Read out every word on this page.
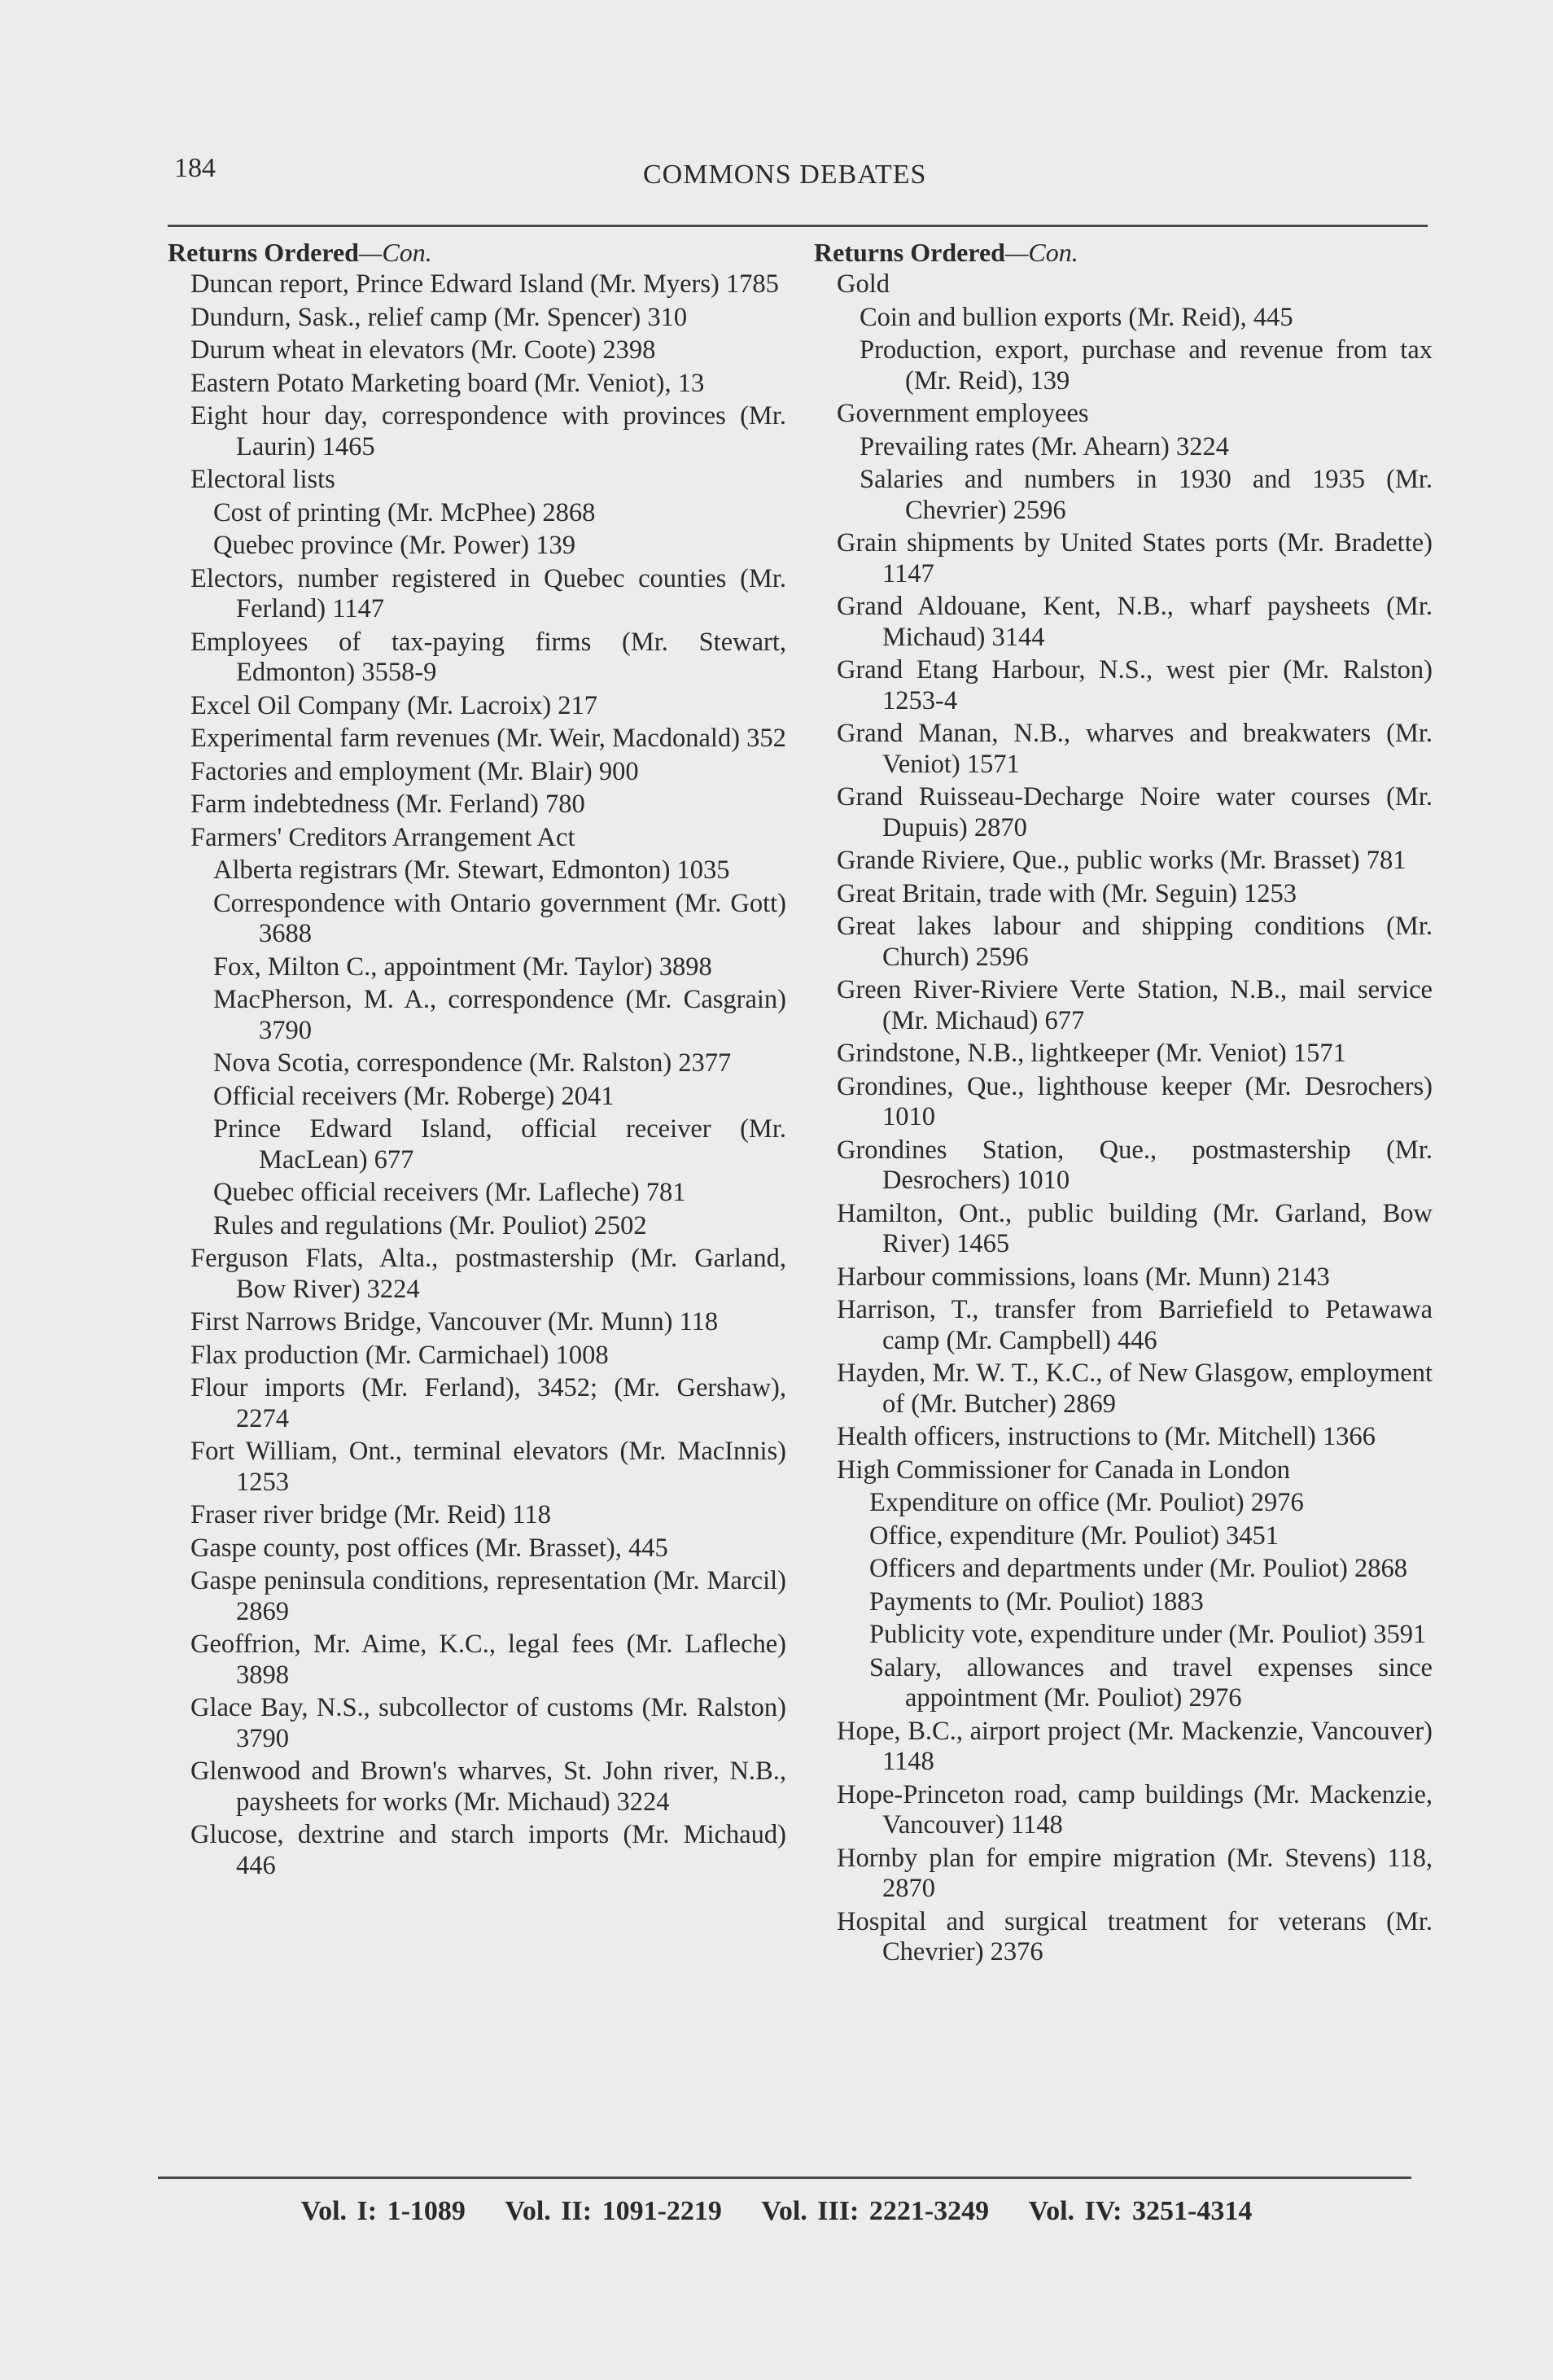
184	COMMONS DEBATES
Returns Ordered—Con.
Duncan report, Prince Edward Island (Mr. Myers) 1785
Dundurn, Sask., relief camp (Mr. Spencer) 310
Durum wheat in elevators (Mr. Coote) 2398
Eastern Potato Marketing board (Mr. Veniot), 13
Eight hour day, correspondence with provinces (Mr. Laurin) 1465
Electoral lists
Cost of printing (Mr. McPhee) 2868
Quebec province (Mr. Power) 139
Electors, number registered in Quebec counties (Mr. Ferland) 1147
Employees of tax-paying firms (Mr. Stewart, Edmonton) 3558-9
Excel Oil Company (Mr. Lacroix) 217
Experimental farm revenues (Mr. Weir, Macdonald) 352
Factories and employment (Mr. Blair) 900
Farm indebtedness (Mr. Ferland) 780
Farmers' Creditors Arrangement Act
Alberta registrars (Mr. Stewart, Edmonton) 1035
Correspondence with Ontario government (Mr. Gott) 3688
Fox, Milton C., appointment (Mr. Taylor) 3898
MacPherson, M. A., correspondence (Mr. Casgrain) 3790
Nova Scotia, correspondence (Mr. Ralston) 2377
Official receivers (Mr. Roberge) 2041
Prince Edward Island, official receiver (Mr. MacLean) 677
Quebec official receivers (Mr. Lafleche) 781
Rules and regulations (Mr. Pouliot) 2502
Ferguson Flats, Alta., postmastership (Mr. Garland, Bow River) 3224
First Narrows Bridge, Vancouver (Mr. Munn) 118
Flax production (Mr. Carmichael) 1008
Flour imports (Mr. Ferland), 3452; (Mr. Gershaw), 2274
Fort William, Ont., terminal elevators (Mr. MacInnis) 1253
Fraser river bridge (Mr. Reid) 118
Gaspe county, post offices (Mr. Brasset), 445
Gaspe peninsula conditions, representation (Mr. Marcil) 2869
Geoffrion, Mr. Aime, K.C., legal fees (Mr. Lafleche) 3898
Glace Bay, N.S., subcollector of customs (Mr. Ralston) 3790
Glenwood and Brown's wharves, St. John river, N.B., paysheets for works (Mr. Michaud) 3224
Glucose, dextrine and starch imports (Mr. Michaud) 446
Returns Ordered—Con.
Gold
Coin and bullion exports (Mr. Reid), 445
Production, export, purchase and revenue from tax (Mr. Reid), 139
Government employees
Prevailing rates (Mr. Ahearn) 3224
Salaries and numbers in 1930 and 1935 (Mr. Chevrier) 2596
Grain shipments by United States ports (Mr. Bradette) 1147
Grand Aldouane, Kent, N.B., wharf paysheets (Mr. Michaud) 3144
Grand Etang Harbour, N.S., west pier (Mr. Ralston) 1253-4
Grand Manan, N.B., wharves and breakwaters (Mr. Veniot) 1571
Grand Ruisseau-Decharge Noire water courses (Mr. Dupuis) 2870
Grande Riviere, Que., public works (Mr. Brasset) 781
Great Britain, trade with (Mr. Seguin) 1253
Great lakes labour and shipping conditions (Mr. Church) 2596
Green River-Riviere Verte Station, N.B., mail service (Mr. Michaud) 677
Grindstone, N.B., lightkeeper (Mr. Veniot) 1571
Grondines, Que., lighthouse keeper (Mr. Desrochers) 1010
Grondines Station, Que., postmastership (Mr. Desrochers) 1010
Hamilton, Ont., public building (Mr. Garland, Bow River) 1465
Harbour commissions, loans (Mr. Munn) 2143
Harrison, T., transfer from Barriefield to Petawawa camp (Mr. Campbell) 446
Hayden, Mr. W. T., K.C., of New Glasgow, employment of (Mr. Butcher) 2869
Health officers, instructions to (Mr. Mitchell) 1366
High Commissioner for Canada in London
Expenditure on office (Mr. Pouliot) 2976
Office, expenditure (Mr. Pouliot) 3451
Officers and departments under (Mr. Pouliot) 2868
Payments to (Mr. Pouliot) 1883
Publicity vote, expenditure under (Mr. Pouliot) 3591
Salary, allowances and travel expenses since appointment (Mr. Pouliot) 2976
Hope, B.C., airport project (Mr. Mackenzie, Vancouver) 1148
Hope-Princeton road, camp buildings (Mr. Mackenzie, Vancouver) 1148
Hornby plan for empire migration (Mr. Stevens) 118, 2870
Hospital and surgical treatment for veterans (Mr. Chevrier) 2376
Vol. I: 1-1089 Vol. II: 1091-2219 Vol. III: 2221-3249 Vol. IV: 3251-4314
